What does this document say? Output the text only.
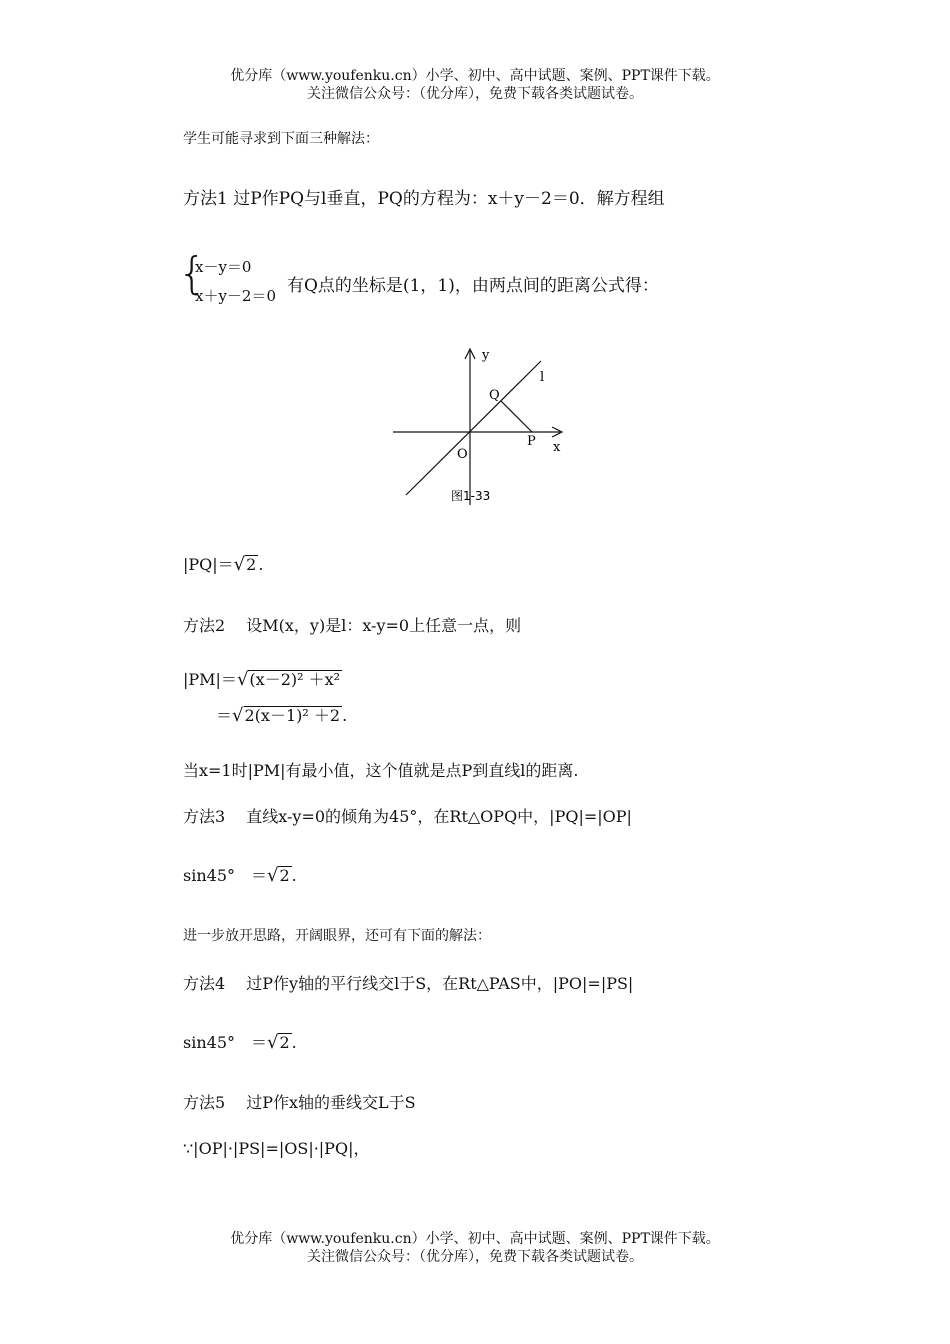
优分库（www.youfenku.cn）小学、初中、高中试题、案例、PPT课件下载。
关注微信公众号：（优分库），免费下载各类试题试卷。
学生可能寻求到下面三种解法：
方法1 过P作PQ与l垂直，PQ的方程为：x＋y－2＝0．解方程组
{
x－y＝0
x＋y－2＝0 有Q点的坐标是(1，1)，由两点间的距离公式得：
y
l
Q
P x
O
图1-33
|PQ|＝√2 .
方法2　 设M(x，y)是l：x-y=0上任意一点，则
|PM|＝√(x－2)² ＋x²
＝√2(x－1)² ＋2 .
当x=1时|PM|有最小值，这个值就是点P到直线l的距离.
方法3　 直线x-y=0的倾角为45°，在Rt△OPQ中，|PQ|=|OP|
sin45°　＝√2 .
进一步放开思路，开阔眼界，还可有下面的解法：
方法4　 过P作y轴的平行线交l于S，在Rt△PAS中，|PO|=|PS|
sin45°　＝√2 .
方法5　 过P作x轴的垂线交L于S
∵|OP|·|PS|=|OS|·|PQ|，
优分库（www.youfenku.cn）小学、初中、高中试题、案例、PPT课件下载。
关注微信公众号：（优分库），免费下载各类试题试卷。
